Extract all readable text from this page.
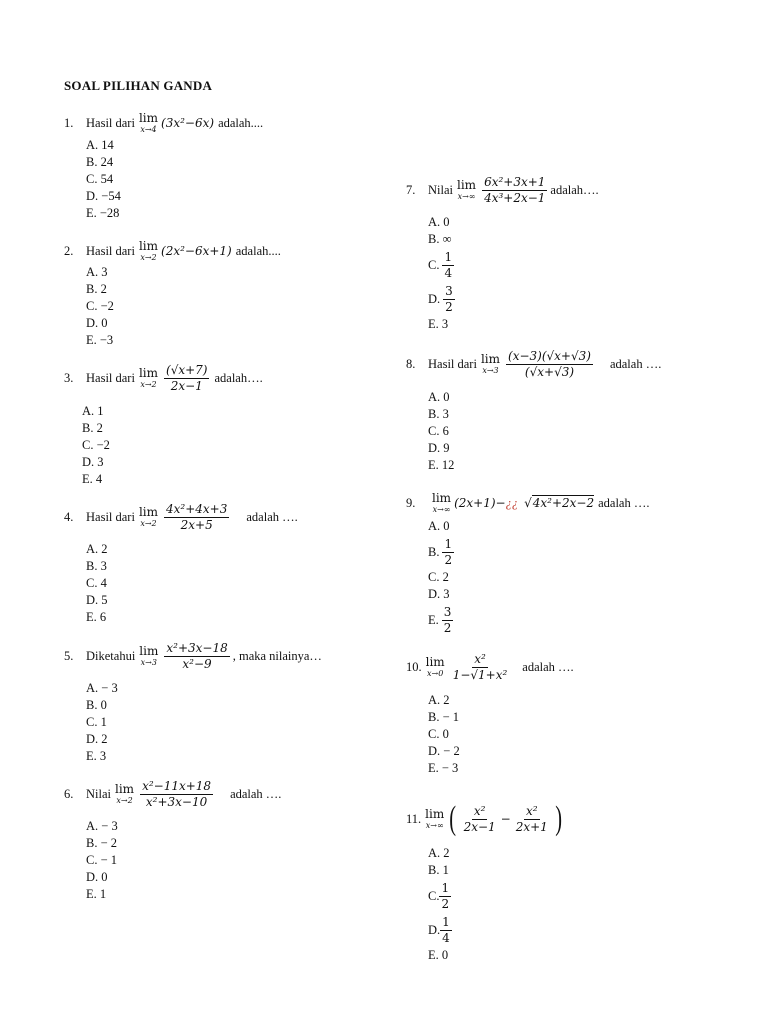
SOAL PILIHAN GANDA
1.	Hasil dari lim
x→4 (3x²−6x) adalah....
A. 14
B. 24
C. 54
D. −54
E. −28
2.	Hasil dari lim
x→2 (2x²−6x+1) adalah....
A. 3
B. 2
C. −2
D. 0
E. −3
3.	Hasil dari lim
$x\to 2 \frac{(√x+7)}{2x-1}$ adalah….
A. 1
B. 2
C. −2
D. 3
E. 4
4.	Hasil dari lim
$x\to 2 \frac{\text{4x²+4x+3}}{2x+5}$ adalah ….
A. 2
B. 3
C. 4
D. 5
E. 6
5.	Diketahui lim
$x\to 3 \frac{\text{x²+3x−18}}{\text{x²−9}}$ , maka nilainya…
A. − 3
B. 0
C. 1
D. 2
E. 3
6.	Nilai lim
$x\to 2 \frac{\text{x²−11x+18}}{\text{x²+3x−10}}$ adalah ….
A. − 3
B. − 2
C. − 1
D. 0
E. 1
7.	Nilai lim
$x\to\infty \frac{\text{6x²+3x+1}}{\text{4x³+2x−1}}$ adalah….
A. 0
B. ∞
C. $\frac{1}{4}$
D. $\frac{3}{2}$
E. 3
8.	Hasil dari lim
$x\to 3 \frac{(x-3)(√x+√3)}{(√x+√3)}$ adalah ….
A. 0
B. 3
C. 6
D. 9
E. 12
9.	lim
x→∞ (2x+1)− ¿¿ √4x²+2x−2 adalah ….
A. 0
B. $\frac{1}{2}$
C. 2
D. 3
E. $\frac{3}{2}$
10. lim
$x\to 0 \frac{\text{x²}}{\text{1−√1+x²}}$ adalah ….
A. 2
B. − 1
C. 0
D. − 2
E. − 3
11. lim
x→∞ ( $\frac{\text{x²}}{2x-1} - \frac{\text{x²}}{2x+1}$ )
A. 2
B. 1
C. $\frac{1}{2}$
D. $\frac{1}{4}$
E. 0
